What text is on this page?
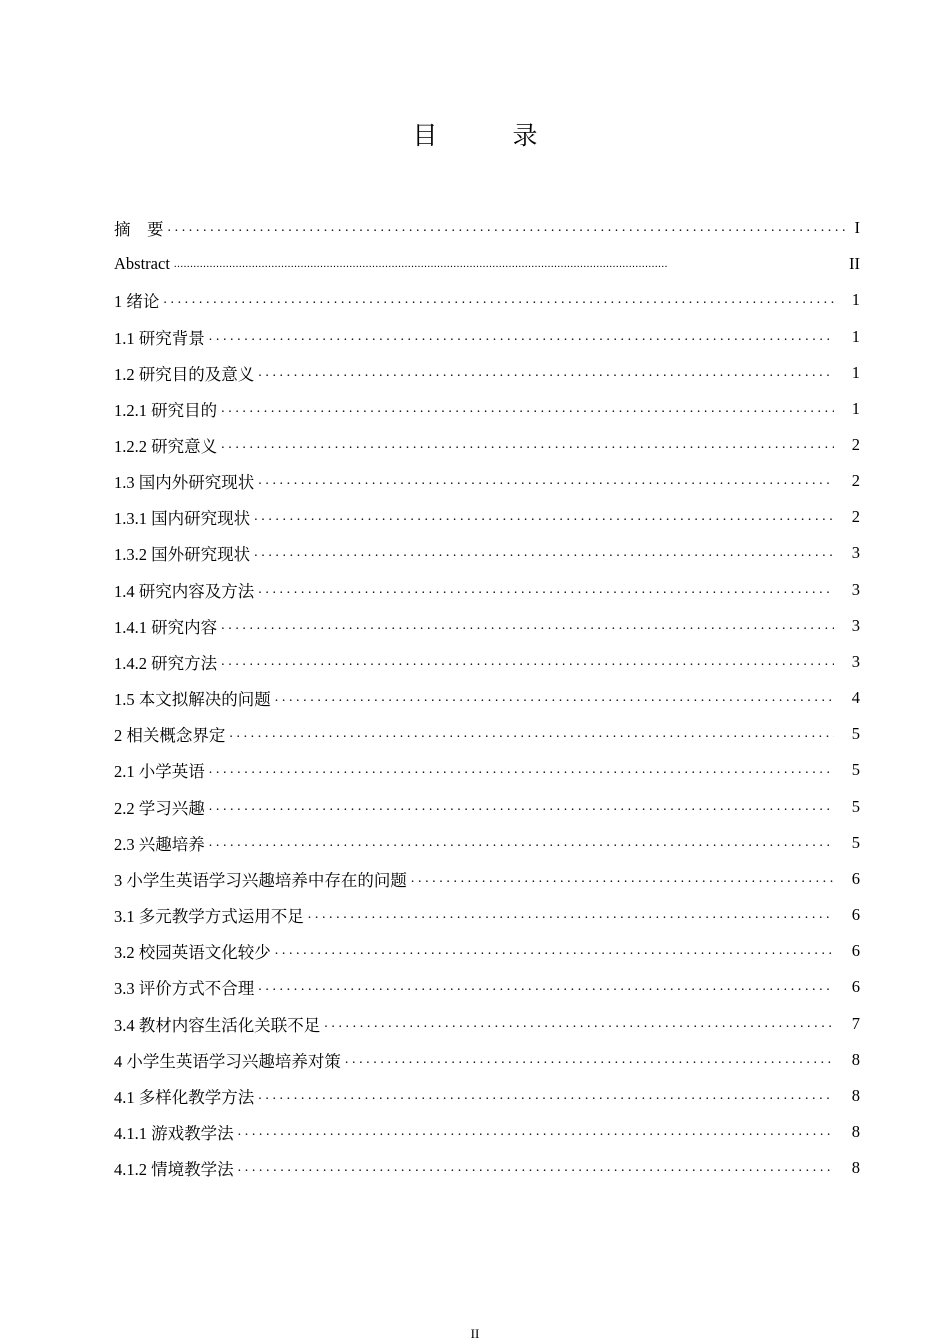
目　录
摘　要 .....	I
Abstract .....	II
1 绪论 .....	1
1.1 研究背景 .....	1
1.2 研究目的及意义 .....	1
1.2.1 研究目的 .....	1
1.2.2 研究意义 .....	2
1.3 国内外研究现状 .....	2
1.3.1 国内研究现状 .....	2
1.3.2 国外研究现状 .....	3
1.4 研究内容及方法 .....	3
1.4.1 研究内容 .....	3
1.4.2 研究方法 .....	3
1.5 本文拟解决的问题 .....	4
2 相关概念界定 .....	5
2.1 小学英语 .....	5
2.2 学习兴趣 .....	5
2.3 兴趣培养 .....	5
3 小学生英语学习兴趣培养中存在的问题 .....	6
3.1 多元教学方式运用不足 .....	6
3.2 校园英语文化较少 .....	6
3.3 评价方式不合理 .....	6
3.4 教材内容生活化关联不足 .....	7
4 小学生英语学习兴趣培养对策 .....	8
4.1 多样化教学方法 .....	8
4.1.1 游戏教学法 .....	8
4.1.2 情境教学法 .....	8
II
